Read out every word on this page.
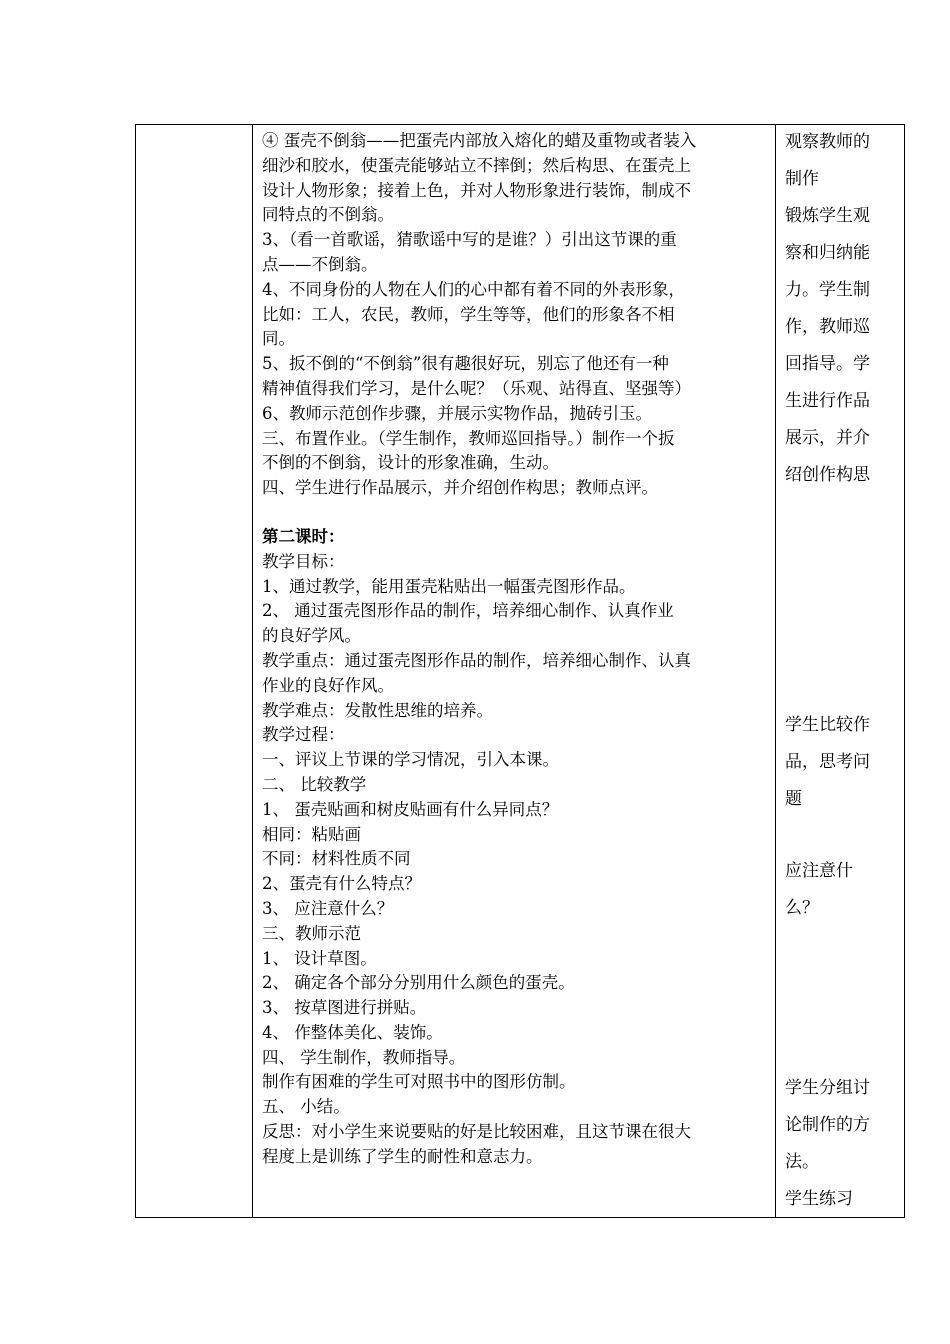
④ 蛋壳不倒翁——把蛋壳内部放入熔化的蜡及重物或者装入

细沙和胶水，使蛋壳能够站立不摔倒；然后构思、在蛋壳上

设计人物形象；接着上色，并对人物形象进行装饰，制成不

同特点的不倒翁。

3、（看一首歌谣，猜歌谣中写的是谁？）引出这节课的重

点——不倒翁。

4、不同身份的人物在人们的心中都有着不同的外表形象，

比如：工人，农民，教师，学生等等，他们的形象各不相

同。

5、扳不倒的“不倒翁”很有趣很好玩，别忘了他还有一种

精神值得我们学习，是什么呢？（乐观、站得直、坚强等）

6、教师示范创作步骤，并展示实物作品，抛砖引玉。

三、布置作业。（学生制作，教师巡回指导。）制作一个扳

不倒的不倒翁，设计的形象准确，生动。

四、学生进行作品展示，并介绍创作构思；教师点评。

第二课时：

教学目标：

1、通过教学，能用蛋壳粘贴出一幅蛋壳图形作品。

2、 通过蛋壳图形作品的制作，培养细心制作、认真作业

的良好学风。

教学重点：通过蛋壳图形作品的制作，培养细心制作、认真

作业的良好作风。

教学难点：发散性思维的培养。

教学过程：

一、评议上节课的学习情况，引入本课。

二、 比较教学

1、 蛋壳贴画和树皮贴画有什么异同点？

相同：粘贴画

不同：材料性质不同

2、蛋壳有什么特点？

3、 应注意什么？

三、教师示范

1、 设计草图。

2、 确定各个部分分别用什么颜色的蛋壳。

3、 按草图进行拼贴。

4、 作整体美化、装饰。

四、 学生制作，教师指导。

制作有困难的学生可对照书中的图形仿制。

五、 小结。

反思：对小学生来说要贴的好是比较困难，且这节课在很大

程度上是训练了学生的耐性和意志力。

观察教师的

制作

锻炼学生观

察和归纳能

力。学生制

作，教师巡

回指导。学

生进行作品

展示，并介

绍创作构思

学生比较作

品，思考问

题

应注意什

么？

学生分组讨

论制作的方

法。

学生练习
